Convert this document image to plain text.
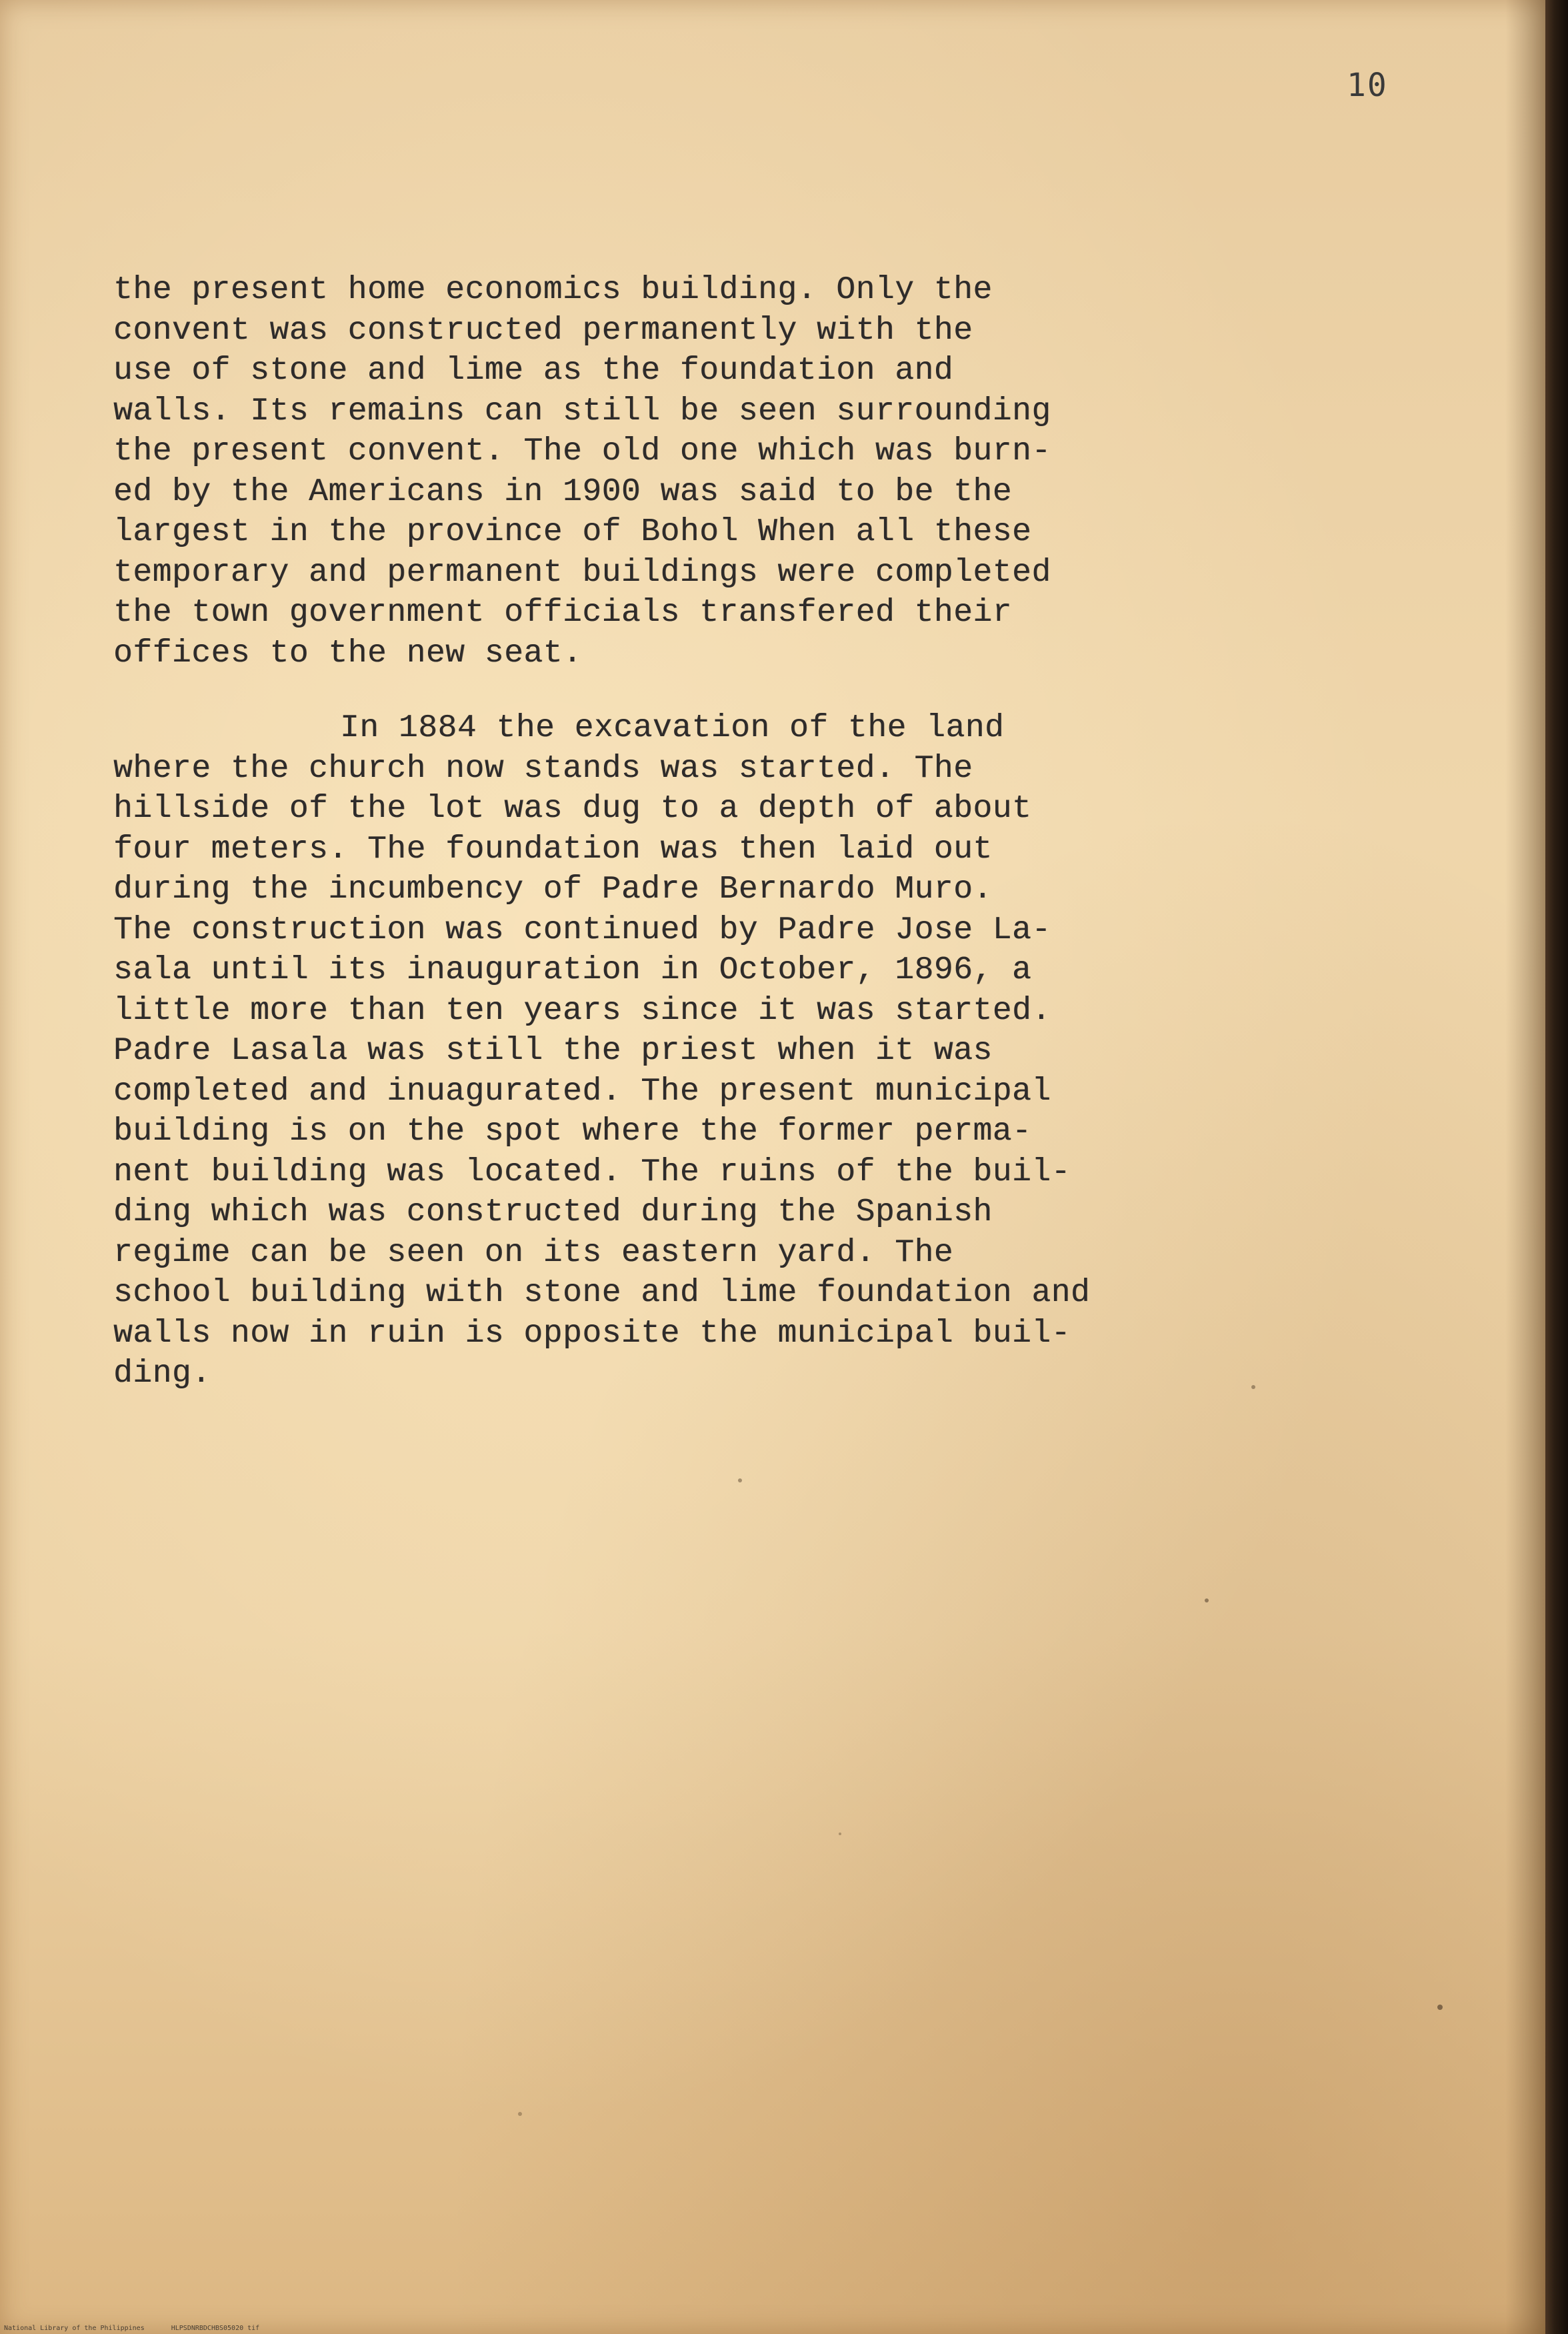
10

the present home economics building. Only the
convent was constructed permanently with the
use of stone and lime as the foundation and
walls. Its remains can still be seen surrounding
the present convent. The old one which was burn-
ed by the Americans in 1900 was said to be the
largest in the province of Bohol When all these
temporary and permanent buildings were completed
the town government officials transfered their
offices to the new seat.

In 1884 the excavation of the land
where the church now stands was started. The
hillside of the lot was dug to a depth of about
four meters. The foundation was then laid out
during the incumbency of Padre Bernardo Muro.
The construction was continued by Padre Jose La-
sala until its inauguration in October, 1896, a
little more than ten years since it was started.
Padre Lasala was still the priest when it was
completed and inuagurated. The present municipal
building is on the spot where the former perma-
nent building was located. The ruins of the buil-
ding which was constructed during the Spanish
regime can be seen on its eastern yard. The
school building with stone and lime foundation and
walls now in ruin is opposite the municipal buil-
ding.

National Library of the Philippines	HLPSDNRBDCHBS05020 tif
